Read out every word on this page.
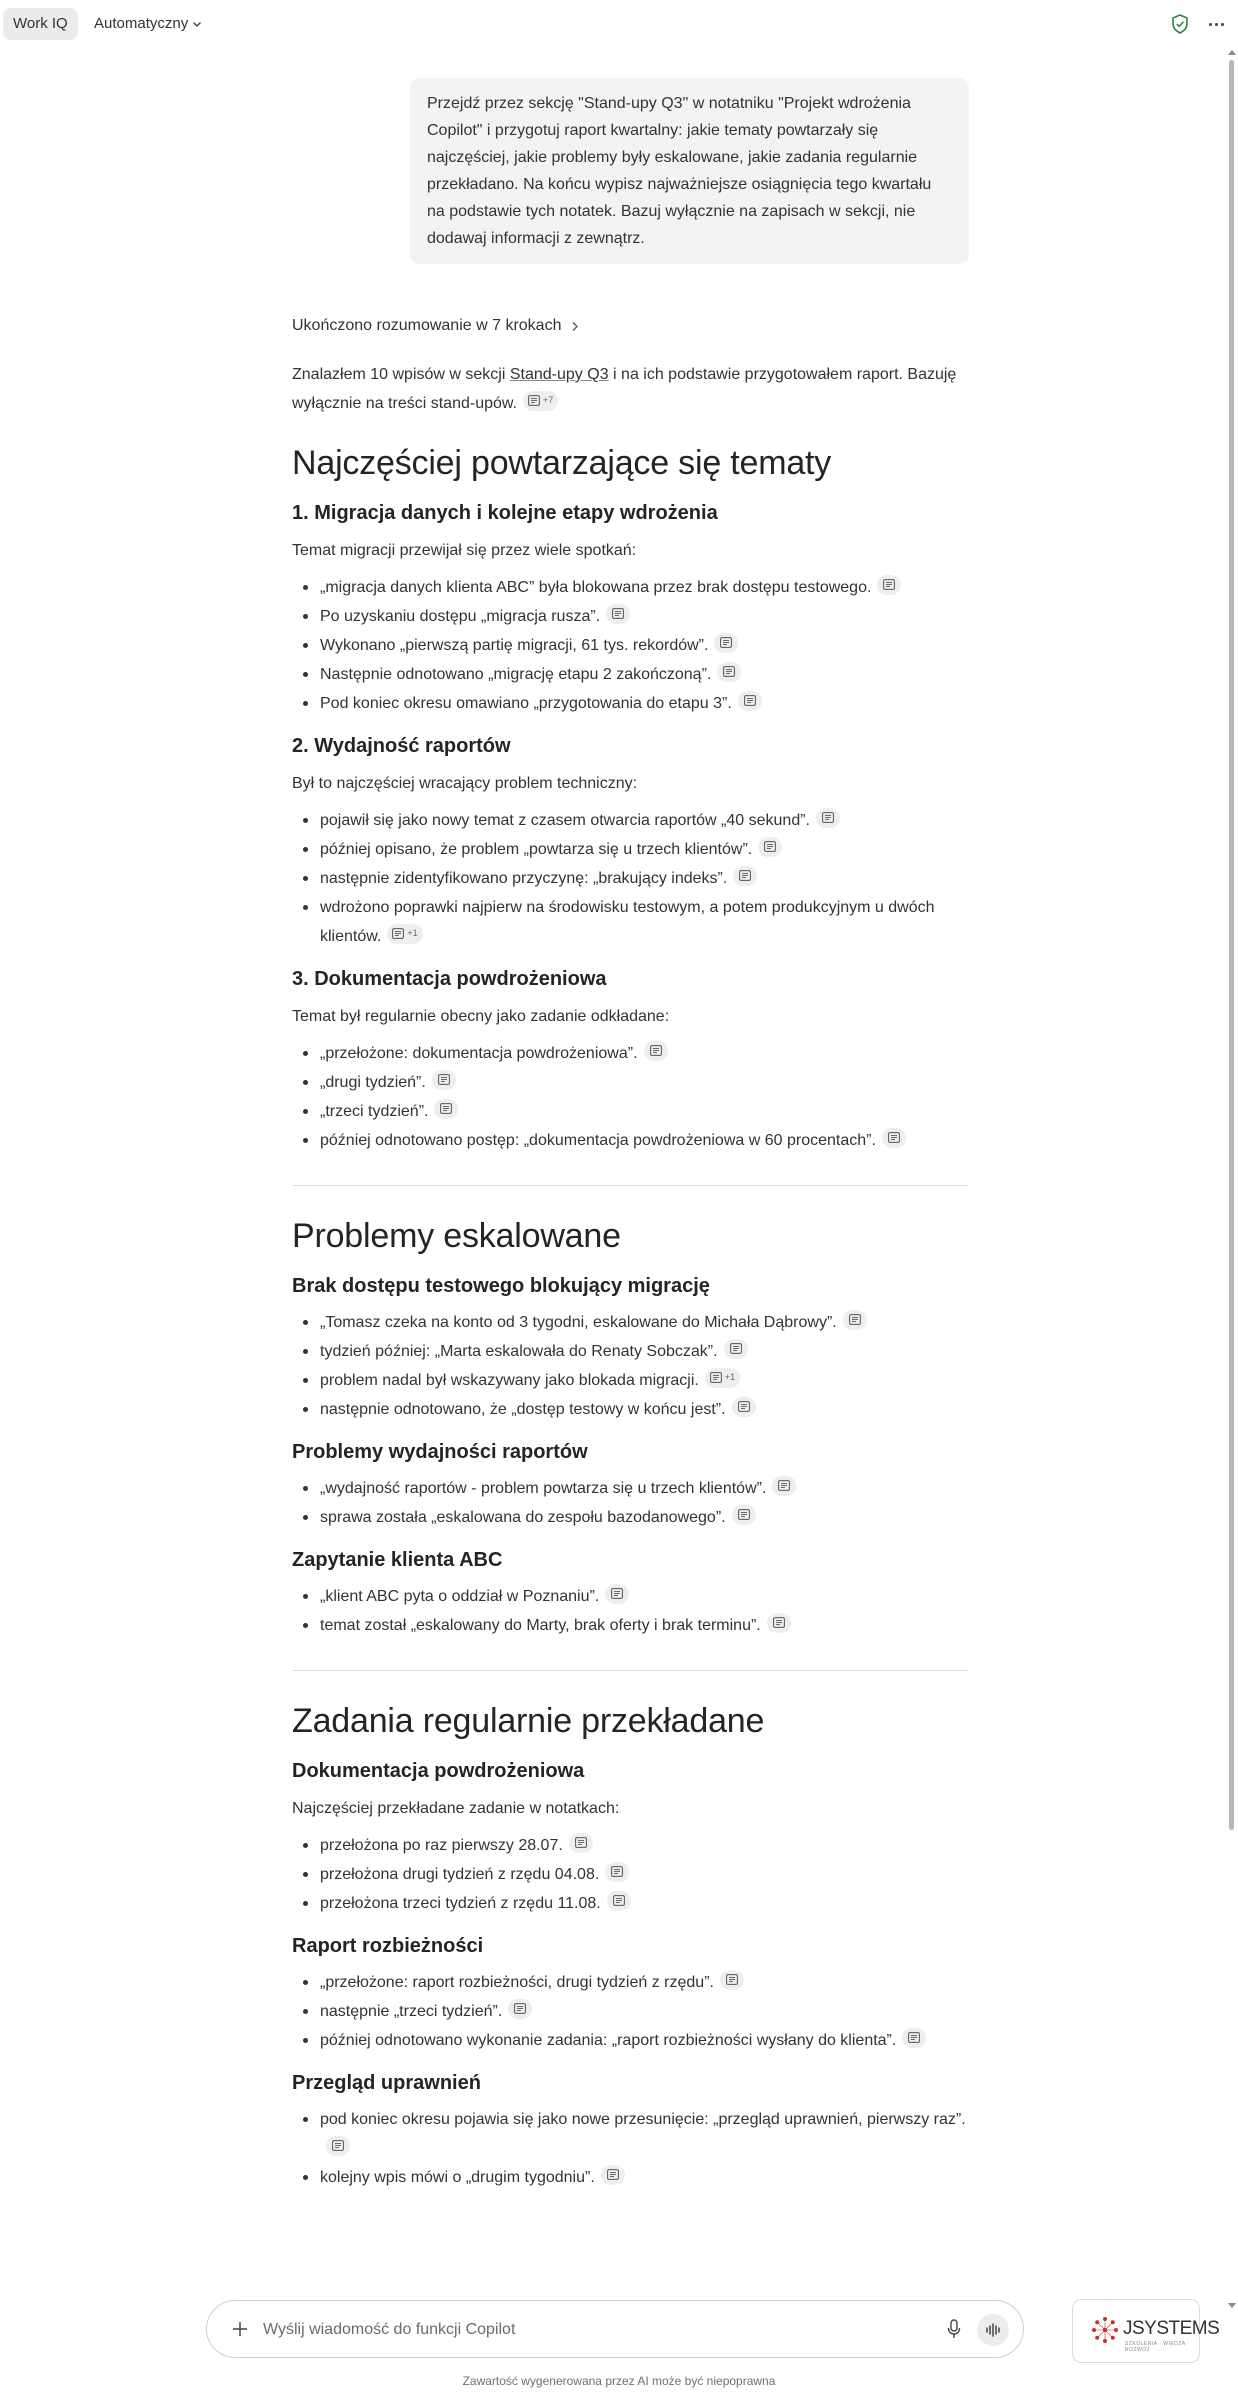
Work IQ	Automatyczny
Przejdź przez sekcję "Stand-upy Q3" w notatniku "Projekt wdrożenia Copilot" i przygotuj raport kwartalny: jakie tematy powtarzały się najczęściej, jakie problemy były eskalowane, jakie zadania regularnie przekładano. Na końcu wypisz najważniejsze osiągnięcia tego kwartału na podstawie tych notatek. Bazuj wyłącznie na zapisach w sekcji, nie dodawaj informacji z zewnątrz.
Ukończono rozumowanie w 7 krokach

Znalazłem 10 wpisów w sekcji Stand-upy Q3 i na ich podstawie przygotowałem raport. Bazuję wyłącznie na treści stand-upów.	+7

Najczęściej powtarzające się tematy
1. Migracja danych i kolejne etapy wdrożenia

Temat migracji przewijał się przez wiele spotkań:

„migracja danych klienta ABC” była blokowana przez brak dostępu testowego.
Po uzyskaniu dostępu „migracja rusza”.
Wykonano „pierwszą partię migracji, 61 tys. rekordów”.
Następnie odnotowano „migrację etapu 2 zakończoną”.
Pod koniec okresu omawiano „przygotowania do etapu 3”.
2. Wydajność raportów

Był to najczęściej wracający problem techniczny:

pojawił się jako nowy temat z czasem otwarcia raportów „40 sekund”.
później opisano, że problem „powtarza się u trzech klientów”.
następnie zidentyfikowano przyczynę: „brakujący indeks”.
wdrożono poprawki najpierw na środowisku testowym, a potem produkcyjnym u dwóch klientów.	+1
3. Dokumentacja powdrożeniowa

Temat był regularnie obecny jako zadanie odkładane:

„przełożone: dokumentacja powdrożeniowa”.
„drugi tydzień”.
„trzeci tydzień”.
później odnotowano postęp: „dokumentacja powdrożeniowa w 60 procentach”.
Problemy eskalowane
Brak dostępu testowego blokujący migrację
„Tomasz czeka na konto od 3 tygodni, eskalowane do Michała Dąbrowy”.
tydzień później: „Marta eskalowała do Renaty Sobczak”.
problem nadal był wskazywany jako blokada migracji.	+1
następnie odnotowano, że „dostęp testowy w końcu jest”.
Problemy wydajności raportów
„wydajność raportów - problem powtarza się u trzech klientów”.
sprawa została „eskalowana do zespołu bazodanowego”.
Zapytanie klienta ABC
„klient ABC pyta o oddział w Poznaniu”.
temat został „eskalowany do Marty, brak oferty i brak terminu”.
Zadania regularnie przekładane
Dokumentacja powdrożeniowa

Najczęściej przekładane zadanie w notatkach:

przełożona po raz pierwszy 28.07.
przełożona drugi tydzień z rzędu 04.08.
przełożona trzeci tydzień z rzędu 11.08.
Raport rozbieżności
„przełożone: raport rozbieżności, drugi tydzień z rzędu”.
następnie „trzeci tydzień”.
później odnotowano wykonanie zadania: „raport rozbieżności wysłany do klienta”.
Przegląd uprawnień
pod koniec okresu pojawia się jako nowe przesunięcie: „przegląd uprawnień, pierwszy raz”.
kolejny wpis mówi o „drugim tygodniu”.
Wyślij wiadomość do funkcji Copilot
Zawartość wygenerowana przez AI może być niepoprawna
JSYSTEMS
SZKOLENIA · WIEDZA · ROZWÓJ
